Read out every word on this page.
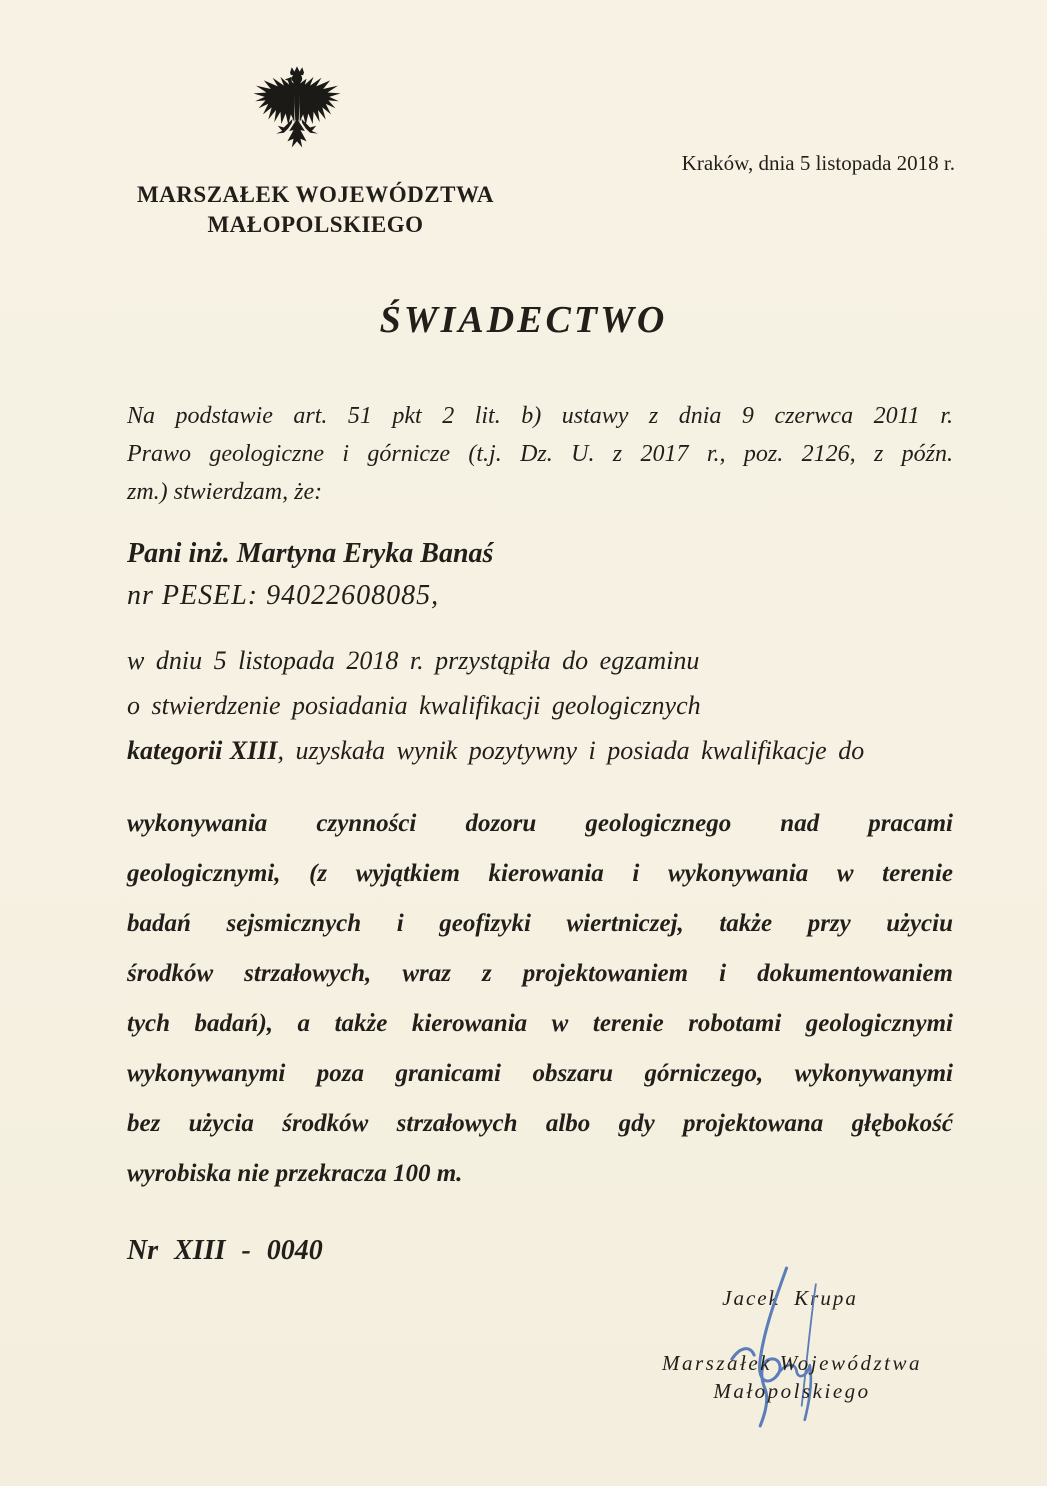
Kraków, dnia 5 listopada 2018 r.
MARSZAŁEK WOJEWÓDZTWA
MAŁOPOLSKIEGO
ŚWIADECTWO
Na podstawie art. 51 pkt 2 lit. b) ustawy z dnia 9 czerwca 2011 r.
Prawo geologiczne i górnicze (t.j. Dz. U. z 2017 r., poz. 2126, z późn.
zm.) stwierdzam, że:
Pani inż. Martyna Eryka Banaś
nr PESEL: 94022608085,
w dniu 5 listopada 2018 r. przystąpiła do egzaminu
o stwierdzenie posiadania kwalifikacji geologicznych
kategorii XIII, uzyskała wynik pozytywny i posiada kwalifikacje do
wykonywania czynności dozoru geologicznego nad pracami
geologicznymi, (z wyjątkiem kierowania i wykonywania w terenie
badań sejsmicznych i geofizyki wiertniczej, także przy użyciu
środków strzałowych, wraz z projektowaniem i dokumentowaniem
tych badań), a także kierowania w terenie robotami geologicznymi
wykonywanymi poza granicami obszaru górniczego, wykonywanymi
bez użycia środków strzałowych albo gdy projektowana głębokość
wyrobiska nie przekracza 100 m.
Nr XIII - 0040
Jacek Krupa
Marszałek Województwa
Małopolskiego
